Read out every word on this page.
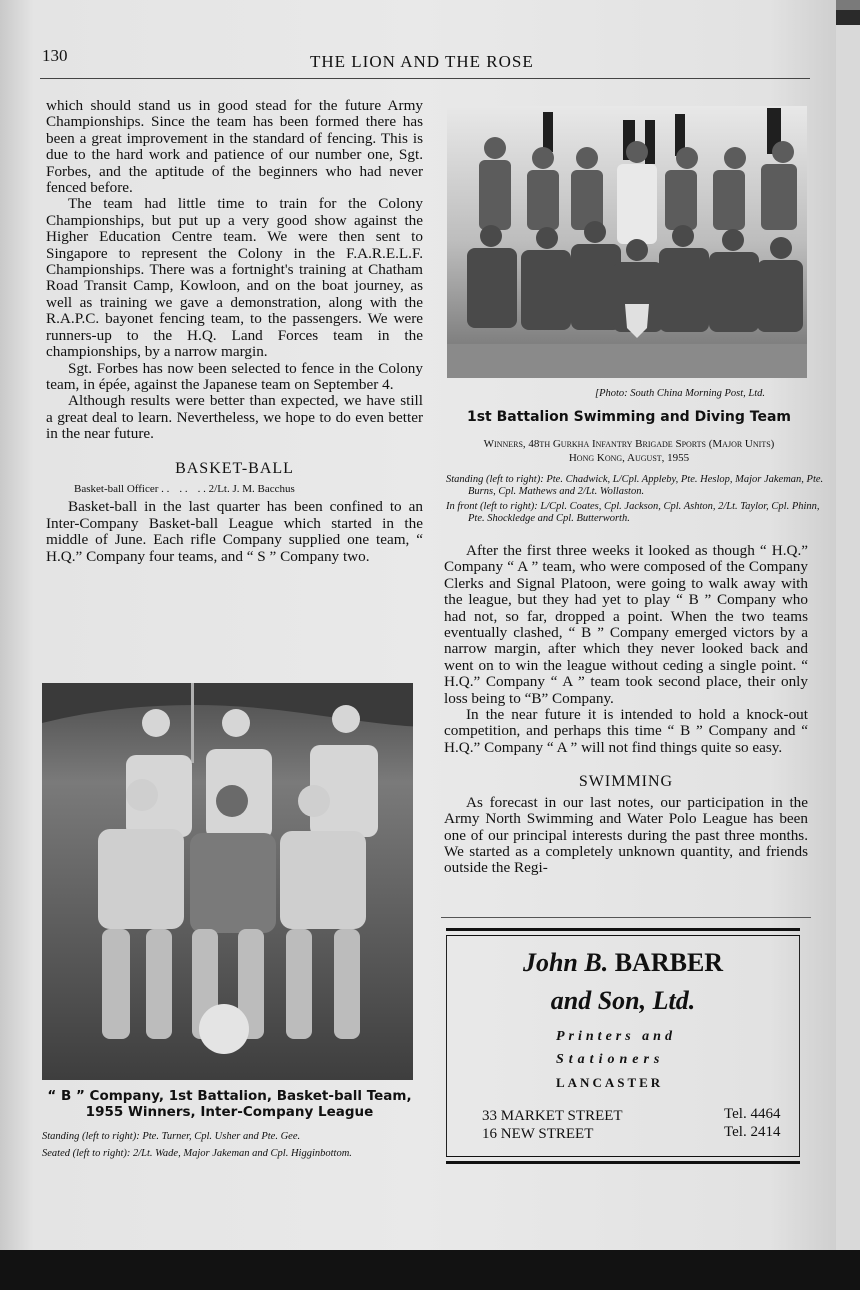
130	THE LION AND THE ROSE

which should stand us in good stead for the future Army Championships. Since the team has been formed there has been a great improvement in the standard of fencing. This is due to the hard work and patience of our number one, Sgt. Forbes, and the aptitude of the beginners who had never fenced before.

The team had little time to train for the Colony Championships, but put up a very good show against the Higher Education Centre team. We were then sent to Singapore to represent the Colony in the F.A.R.E.L.F. Championships. There was a fortnight's training at Chatham Road Transit Camp, Kowloon, and on the boat journey, as well as training we gave a demonstration, along with the R.A.P.C. bayonet fencing team, to the passengers. We were runners-up to the H.Q. Land Forces team in the championships, by a narrow margin.

Sgt. Forbes has now been selected to fence in the Colony team, in épée, against the Japanese team on September 4.

Although results were better than expected, we have still a great deal to learn. Nevertheless, we hope to do even better in the near future.

BASKET-BALL
Basket-ball Officer . . . . . . 2/Lt. J. M. Bacchus

Basket-ball in the last quarter has been confined to an Inter-Company Basket-ball League which started in the middle of June. Each rifle Company supplied one team, “ H.Q.” Company four teams, and “ S ” Company two.

[Photo: South China Morning Post, Ltd.
1st Battalion Swimming and Diving Team
Winners, 48th Gurkha Infantry Brigade Sports (Major Units)
Hong Kong, August, 1955
Standing (left to right): Pte. Chadwick, L/Cpl. Appleby, Pte. Heslop, Major Jakeman, Pte. Burns, Cpl. Mathews and 2/Lt. Wollaston.
In front (left to right): L/Cpl. Coates, Cpl. Jackson, Cpl. Ashton, 2/Lt. Taylor, Cpl. Phinn, Pte. Shockledge and Cpl. Butterworth.

After the first three weeks it looked as though “ H.Q.” Company “ A ” team, who were composed of the Company Clerks and Signal Platoon, were going to walk away with the league, but they had yet to play “ B ” Company who had not, so far, dropped a point. When the two teams eventually clashed, “ B ” Company emerged victors by a narrow margin, after which they never looked back and went on to win the league without ceding a single point. “ H.Q.” Company “ A ” team took second place, their only loss being to “B” Company.

In the near future it is intended to hold a knock-out competition, and perhaps this time “ B ” Company and “ H.Q.” Company “ A ” will not find things quite so easy.

SWIMMING

As forecast in our last notes, our participation in the Army North Swimming and Water Polo League has been one of our principal interests during the past three months. We started as a completely unknown quantity, and friends outside the Regi-

John B. BARBER
and Son, Ltd.
Printers and
Stationers
LANCASTER
33 MARKET STREET
16 NEW STREET
Tel. 4464
Tel. 2414
“ B ” Company, 1st Battalion, Basket-ball Team,
1955 Winners, Inter-Company League
Standing (left to right): Pte. Turner, Cpl. Usher and Pte. Gee.
Seated (left to right): 2/Lt. Wade, Major Jakeman and Cpl. Higginbottom.
